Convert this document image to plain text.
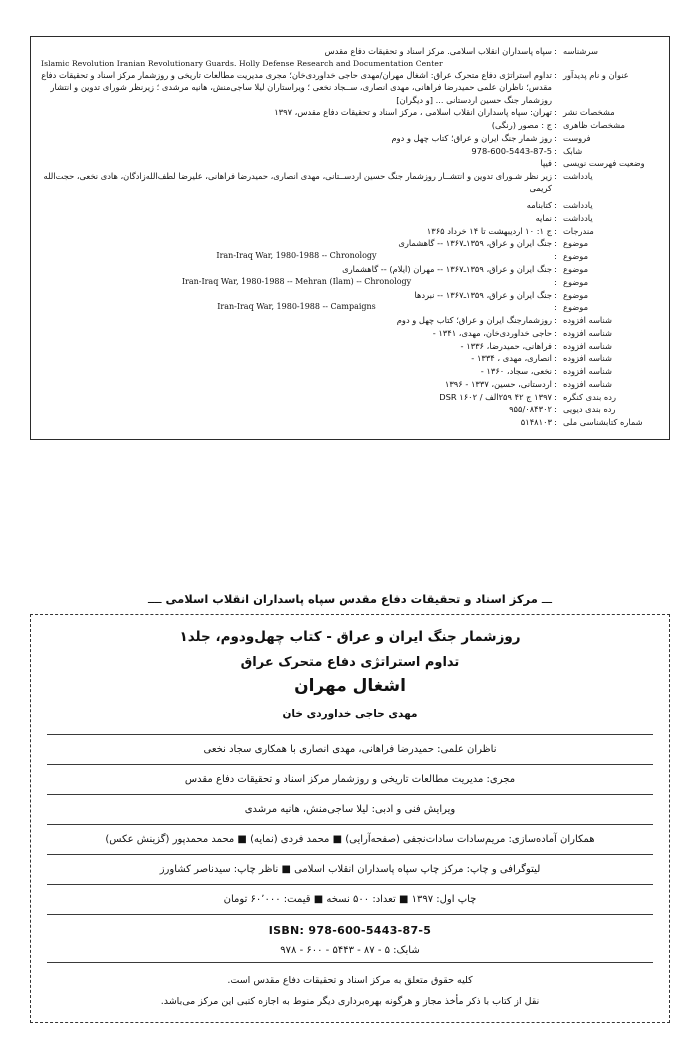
سرشناسه
:
سپاه پاسداران انقلاب اسلامی. مرکز اسناد و تحقیقات دفاع مقدس
Islamic Revolution Iranian Revolutionary Guards. Holly Defense Research and Documentation Center
عنوان و نام پدیدآور
:
تداوم استراتژی دفاع متحرک عراق: اشغال مهران/مهدی حاجی خداوردی‌خان؛ مجری مدیریت مطالعات تاریخی و روزشمار مرکز اسناد و تحقیقات دفاع مقدس؛ ناظران علمی حمیدرضا فراهانی، مهدی انصاری، ســجاد نخعی ؛ ویراستاران لیلا ساجی‌منش، هانیه مرشدی ؛ زیرنظر شورای تدوین و انتشار روزشمار جنگ حسین اردستانی ... [و دیگران]
مشخصات نشر
:
تهران: سپاه پاسداران انقلاب اسلامی ، مرکز اسناد و تحقیقات دفاع مقدس، ۱۳۹۷
مشخصات ظاهری
:
ج : مصور (رنگی)
فروست
:
روز شمار جنگ ایران و عراق؛ کتاب چهل و دوم
شابک
:
978-600-5443-87-5
وضعیت فهرست نویسی
:
فیپا
یادداشت
:
زیر نظر شـورای تدوین و انتشــار روزشمار جنگ حسین اردســتانی، مهدی انصاری، حمیدرضا فراهانی، علیرضا لطف‌الله‌زادگان، هادی نخعی، حجت‌الله کریمی
یادداشت
:
کتابنامه
یادداشت
:
نمایه
مندرجات
:
ج ۱: ۱۰ اردیبهشت تا ۱۴ خرداد ۱۳۶۵
موضوع
:
جنگ ایران و عراق، ۱۳۵۹ـ۱۳۶۷ -- گاهشماری
موضوع
:
Iran-Iraq War, 1980-1988 -- Chronology
موضوع
:
جنگ ایران و عراق، ۱۳۵۹ـ۱۳۶۷ -- مهران (ایلام) -- گاهشماری
موضوع
:
Iran-Iraq War, 1980-1988 -- Mehran (Ilam) -- Chronology
موضوع
:
جنگ ایران و عراق، ۱۳۵۹ـ۱۳۶۷ -- نبردها
موضوع
:
Iran-Iraq War, 1980-1988 -- Campaigns
شناسه افزوده
:
روزشمارجنگ ایران و عراق؛ کتاب چهل و دوم
شناسه افزوده
:
حاجی خداوردی‌خان، مهدی، ۱۳۴۱ -
شناسه افزوده
:
فراهانی، حمیدرضا، ۱۳۳۶ -
شناسه افزوده
:
انصاری، مهدی ، ۱۳۳۴ -
شناسه افزوده
:
نخعی، سجاد، ۱۳۶۰ -
شناسه افزوده
:
اردستانی، حسین، ۱۳۳۷ - ۱۳۹۶
رده بندی کنگره
:
۱۳۹۷ ج ۴۲ ۲۵۹الف / ۱۶۰۲ DSR
رده بندی دیویی
:
۹۵۵/۰۸۴۳۰۲
شماره کتابشناسی ملی
:
۵۱۴۸۱۰۳
ـــ مرکز اسناد و تحقیقات دفاع مقدس سپاه پاسداران انقلاب اسلامی ــــ
روزشمار جنگ ایران و عراق - کتاب چهل‌ودوم، جلد۱
تداوم استراتژی دفاع متحرک عراق
اشغال مهران
مهدی حاجی خداوردی خان
ناظران علمی: حمیدرضا فراهانی، مهدی انصاری با همکاری سجاد نخعی
مجری: مدیریت مطالعات تاریخی و روزشمار مرکز اسناد و تحقیقات دفاع مقدس
ویرایش فنی و ادبی: لیلا ساجی‌منش، هانیه مرشدی
همکاران آماده‌سازی: مریم‌سادات سادات‌نجفی (صفحه‌آرایی) ■ محمد فردی (نمایه) ■ محمد محمدپور (گزینش عکس)
لیتوگرافی و چاپ: مرکز چاپ سپاه پاسداران انقلاب اسلامی ■ ناظر چاپ: سیدناصر کشاورز
چاپ اول: ۱۳۹۷ ■ تعداد: ۵۰۰ نسخه ■ قیمت: ۶۰٬۰۰۰ تومان
ISBN: 978-600-5443-87-5
شابک: ۵ - ۸۷ - ۵۴۴۳ - ۶۰۰ - ۹۷۸
کلیه حقوق متعلق به مرکز اسناد و تحقیقات دفاع مقدس است.
نقل از کتاب با ذکر مأخذ مجاز و هرگونه بهره‌برداری دیگر منوط به اجازه کتبی این مرکز می‌باشد.
